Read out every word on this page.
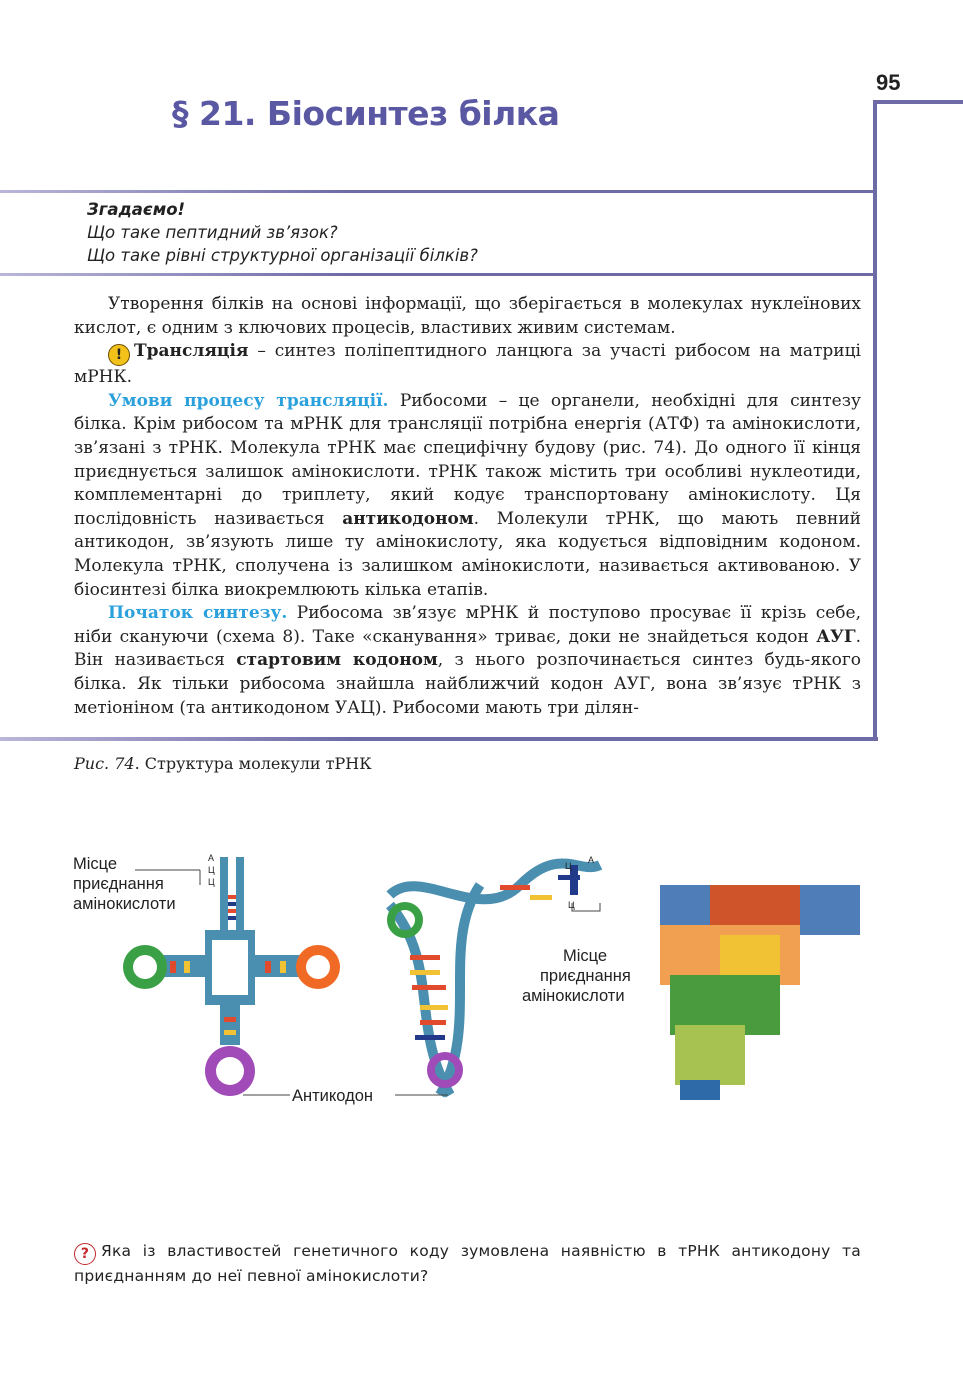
95
§ 21. Біосинтез білка
Згадаємо!
Що таке пептидний зв’язок?
Що таке рівні структурної організації білків?

Утворення білків на основі інформації, що зберігається в молекулах нуклеїнових кислот, є одним з ключових процесів, властивих живим системам.

! Трансляція – синтез поліпептидного ланцюга за участі рибосом на матриці мРНК.

Умови процесу трансляції. Рибосоми – це органели, необхідні для синтезу білка. Крім рибосом та мРНК для трансляції потрібна енергія (АТФ) та амінокислоти, зв’язані з тРНК. Молекула тРНК має специфічну будову (рис. 74). До одного її кінця приєднується залишок амінокислоти. тРНК також містить три особливі нуклеотиди, комплементарні до триплету, який кодує транспортовану амінокислоту. Ця послідовність називається антикодоном. Молекули тРНК, що мають певний антикодон, зв’язують лише ту амінокислоту, яка кодується відповідним кодоном. Молекула тРНК, сполучена із залишком амінокислоти, називається активованою. У біосинтезі білка виокремлюють кілька етапів.

Початок синтезу. Рибосома зв’язує мРНК й поступово просуває її крізь себе, ніби скануючи (схема 8). Таке «сканування» триває, доки не знайдеться кодон АУГ. Він називається стартовим кодоном, з нього розпочинається синтез будь-якого білка. Як тільки рибосома знайшла найближчий кодон АУГ, вона зв’язує тРНК з метіоніном (та антикодоном УАЦ). Рибосоми мають три ділян-

Рис. 74. Структура молекули тРНК
Місце
приєднання
амінокислоти
А
Ц
Ц
Ц
А
Ц
Місце
приєднання
амінокислоти
Антикодон
? Яка із властивостей генетичного коду зумовлена наявністю в тРНК антикодону та приєднанням до неї певної амінокислоти?
